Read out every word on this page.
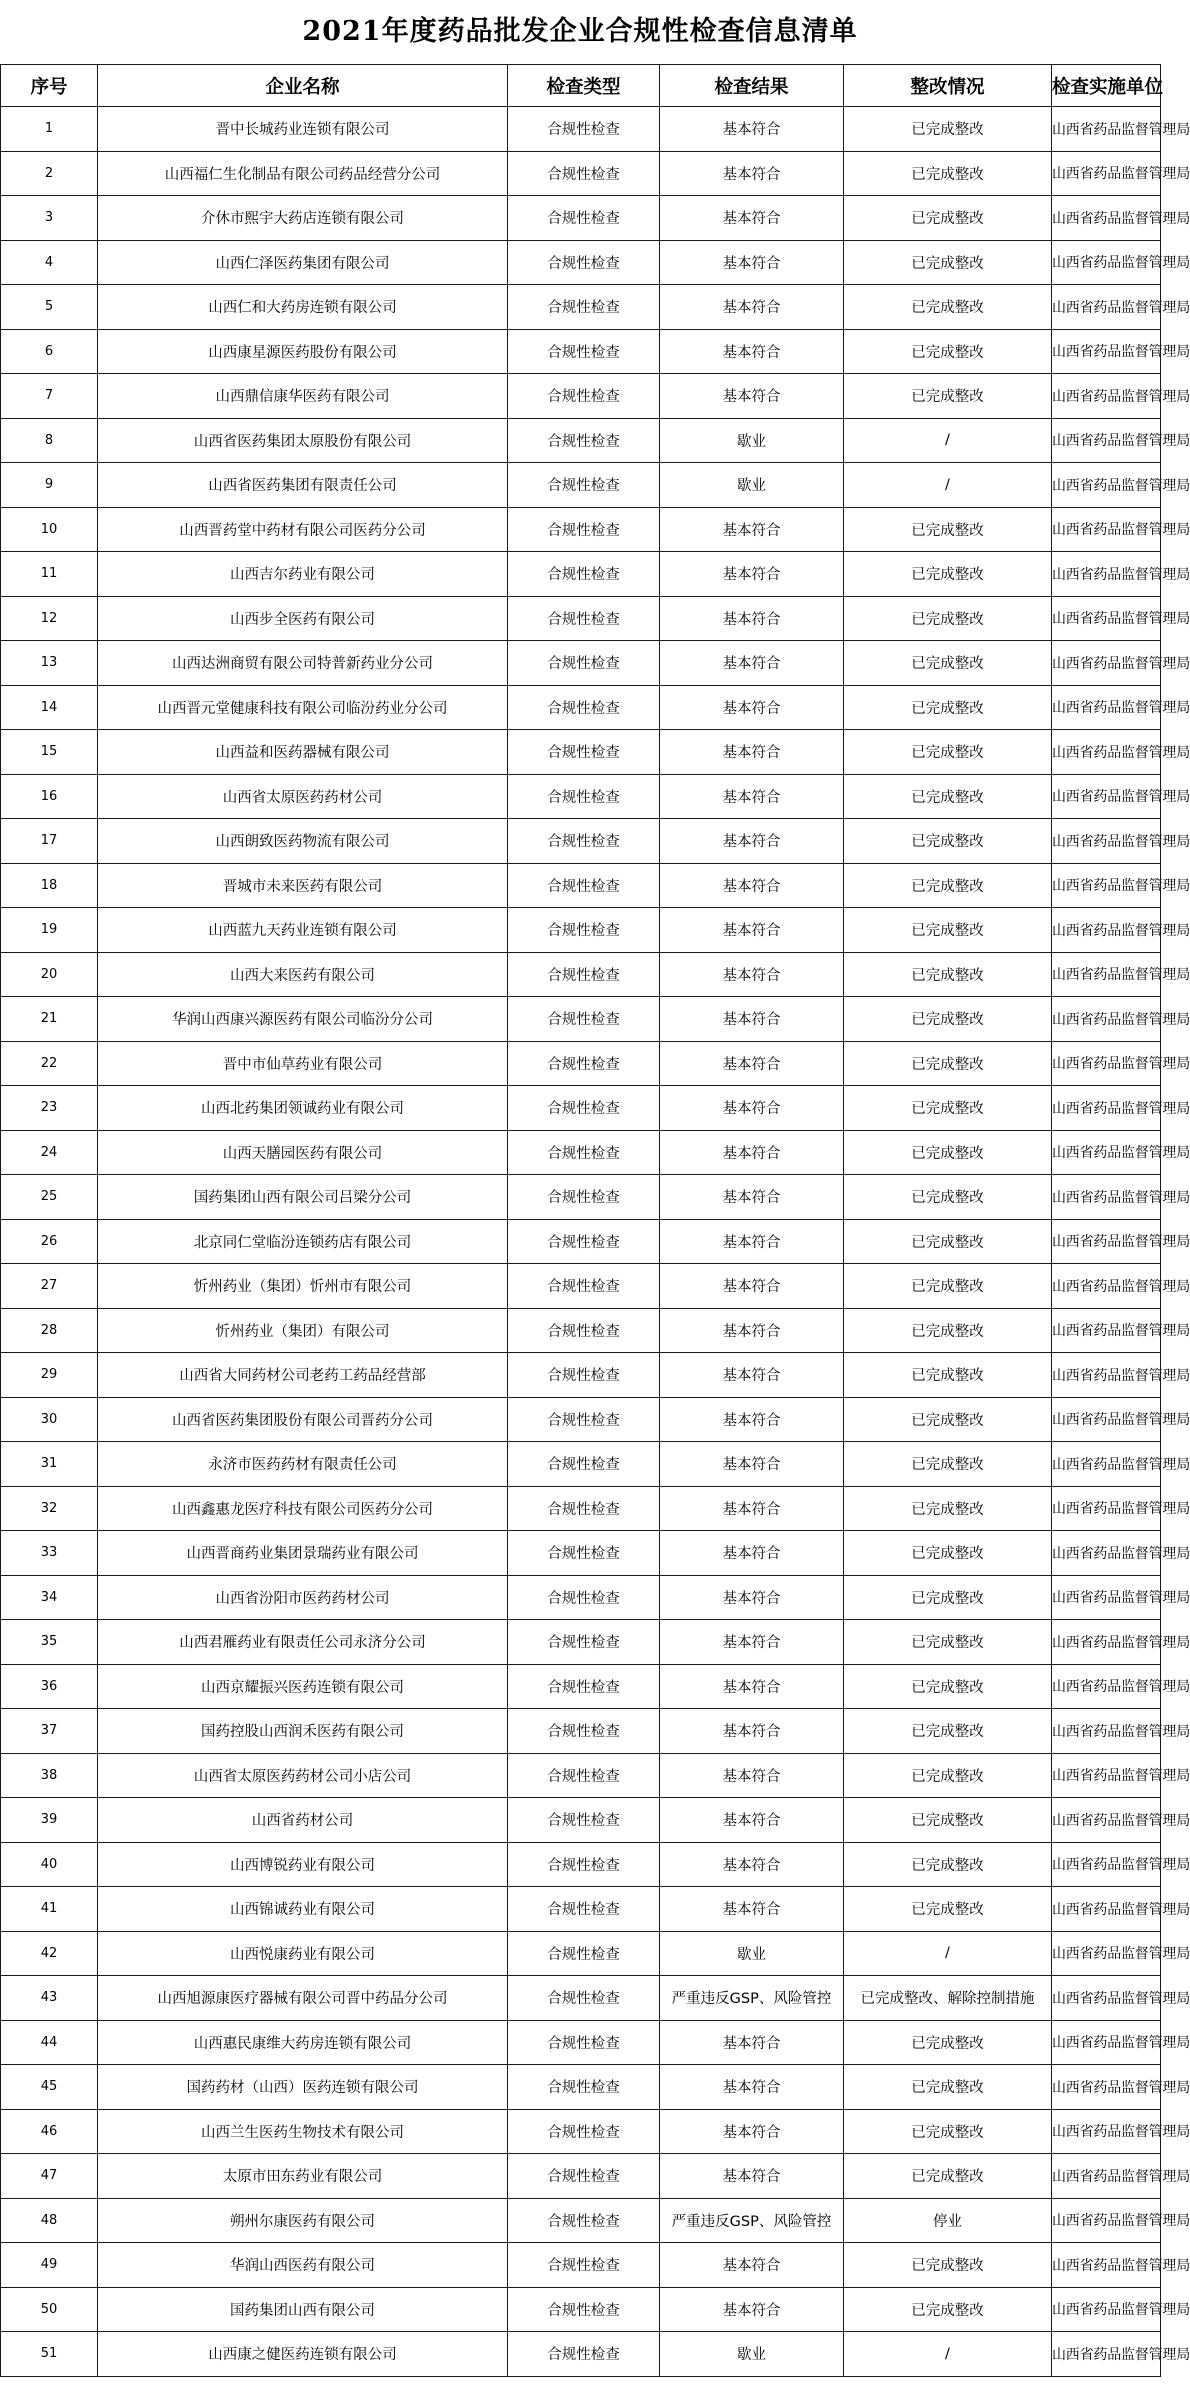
2021年度药品批发企业合规性检查信息清单
序号	企业名称	检查类型	检查结果	整改情况	检查实施单位
1	晋中长城药业连锁有限公司	合规性检查	基本符合	已完成整改	山西省药品监督管理局
2	山西福仁生化制品有限公司药品经营分公司	合规性检查	基本符合	已完成整改	山西省药品监督管理局
3	介休市熙宇大药店连锁有限公司	合规性检查	基本符合	已完成整改	山西省药品监督管理局
4	山西仁泽医药集团有限公司	合规性检查	基本符合	已完成整改	山西省药品监督管理局
5	山西仁和大药房连锁有限公司	合规性检查	基本符合	已完成整改	山西省药品监督管理局
6	山西康星源医药股份有限公司	合规性检查	基本符合	已完成整改	山西省药品监督管理局
7	山西鼎信康华医药有限公司	合规性检查	基本符合	已完成整改	山西省药品监督管理局
8	山西省医药集团太原股份有限公司	合规性检查	歇业	/	山西省药品监督管理局
9	山西省医药集团有限责任公司	合规性检查	歇业	/	山西省药品监督管理局
10	山西晋药堂中药材有限公司医药分公司	合规性检查	基本符合	已完成整改	山西省药品监督管理局
11	山西吉尔药业有限公司	合规性检查	基本符合	已完成整改	山西省药品监督管理局
12	山西步全医药有限公司	合规性检查	基本符合	已完成整改	山西省药品监督管理局
13	山西达洲商贸有限公司特普新药业分公司	合规性检查	基本符合	已完成整改	山西省药品监督管理局
14	山西晋元堂健康科技有限公司临汾药业分公司	合规性检查	基本符合	已完成整改	山西省药品监督管理局
15	山西益和医药器械有限公司	合规性检查	基本符合	已完成整改	山西省药品监督管理局
16	山西省太原医药药材公司	合规性检查	基本符合	已完成整改	山西省药品监督管理局
17	山西朗致医药物流有限公司	合规性检查	基本符合	已完成整改	山西省药品监督管理局
18	晋城市未来医药有限公司	合规性检查	基本符合	已完成整改	山西省药品监督管理局
19	山西蓝九天药业连锁有限公司	合规性检查	基本符合	已完成整改	山西省药品监督管理局
20	山西大来医药有限公司	合规性检查	基本符合	已完成整改	山西省药品监督管理局
21	华润山西康兴源医药有限公司临汾分公司	合规性检查	基本符合	已完成整改	山西省药品监督管理局
22	晋中市仙草药业有限公司	合规性检查	基本符合	已完成整改	山西省药品监督管理局
23	山西北药集团领诚药业有限公司	合规性检查	基本符合	已完成整改	山西省药品监督管理局
24	山西天膳园医药有限公司	合规性检查	基本符合	已完成整改	山西省药品监督管理局
25	国药集团山西有限公司吕梁分公司	合规性检查	基本符合	已完成整改	山西省药品监督管理局
26	北京同仁堂临汾连锁药店有限公司	合规性检查	基本符合	已完成整改	山西省药品监督管理局
27	忻州药业（集团）忻州市有限公司	合规性检查	基本符合	已完成整改	山西省药品监督管理局
28	忻州药业（集团）有限公司	合规性检查	基本符合	已完成整改	山西省药品监督管理局
29	山西省大同药材公司老药工药品经营部	合规性检查	基本符合	已完成整改	山西省药品监督管理局
30	山西省医药集团股份有限公司晋药分公司	合规性检查	基本符合	已完成整改	山西省药品监督管理局
31	永济市医药药材有限责任公司	合规性检查	基本符合	已完成整改	山西省药品监督管理局
32	山西鑫惠龙医疗科技有限公司医药分公司	合规性检查	基本符合	已完成整改	山西省药品监督管理局
33	山西晋商药业集团景瑞药业有限公司	合规性检查	基本符合	已完成整改	山西省药品监督管理局
34	山西省汾阳市医药药材公司	合规性检查	基本符合	已完成整改	山西省药品监督管理局
35	山西君雁药业有限责任公司永济分公司	合规性检查	基本符合	已完成整改	山西省药品监督管理局
36	山西京耀振兴医药连锁有限公司	合规性检查	基本符合	已完成整改	山西省药品监督管理局
37	国药控股山西润禾医药有限公司	合规性检查	基本符合	已完成整改	山西省药品监督管理局
38	山西省太原医药药材公司小店公司	合规性检查	基本符合	已完成整改	山西省药品监督管理局
39	山西省药材公司	合规性检查	基本符合	已完成整改	山西省药品监督管理局
40	山西博锐药业有限公司	合规性检查	基本符合	已完成整改	山西省药品监督管理局
41	山西锦诚药业有限公司	合规性检查	基本符合	已完成整改	山西省药品监督管理局
42	山西悦康药业有限公司	合规性检查	歇业	/	山西省药品监督管理局
43	山西旭源康医疗器械有限公司晋中药品分公司	合规性检查	严重违反GSP、风险管控	已完成整改、解除控制措施	山西省药品监督管理局
44	山西惠民康维大药房连锁有限公司	合规性检查	基本符合	已完成整改	山西省药品监督管理局
45	国药药材（山西）医药连锁有限公司	合规性检查	基本符合	已完成整改	山西省药品监督管理局
46	山西兰生医药生物技术有限公司	合规性检查	基本符合	已完成整改	山西省药品监督管理局
47	太原市田东药业有限公司	合规性检查	基本符合	已完成整改	山西省药品监督管理局
48	朔州尔康医药有限公司	合规性检查	严重违反GSP、风险管控	停业	山西省药品监督管理局
49	华润山西医药有限公司	合规性检查	基本符合	已完成整改	山西省药品监督管理局
50	国药集团山西有限公司	合规性检查	基本符合	已完成整改	山西省药品监督管理局
51	山西康之健医药连锁有限公司	合规性检查	歇业	/	山西省药品监督管理局
